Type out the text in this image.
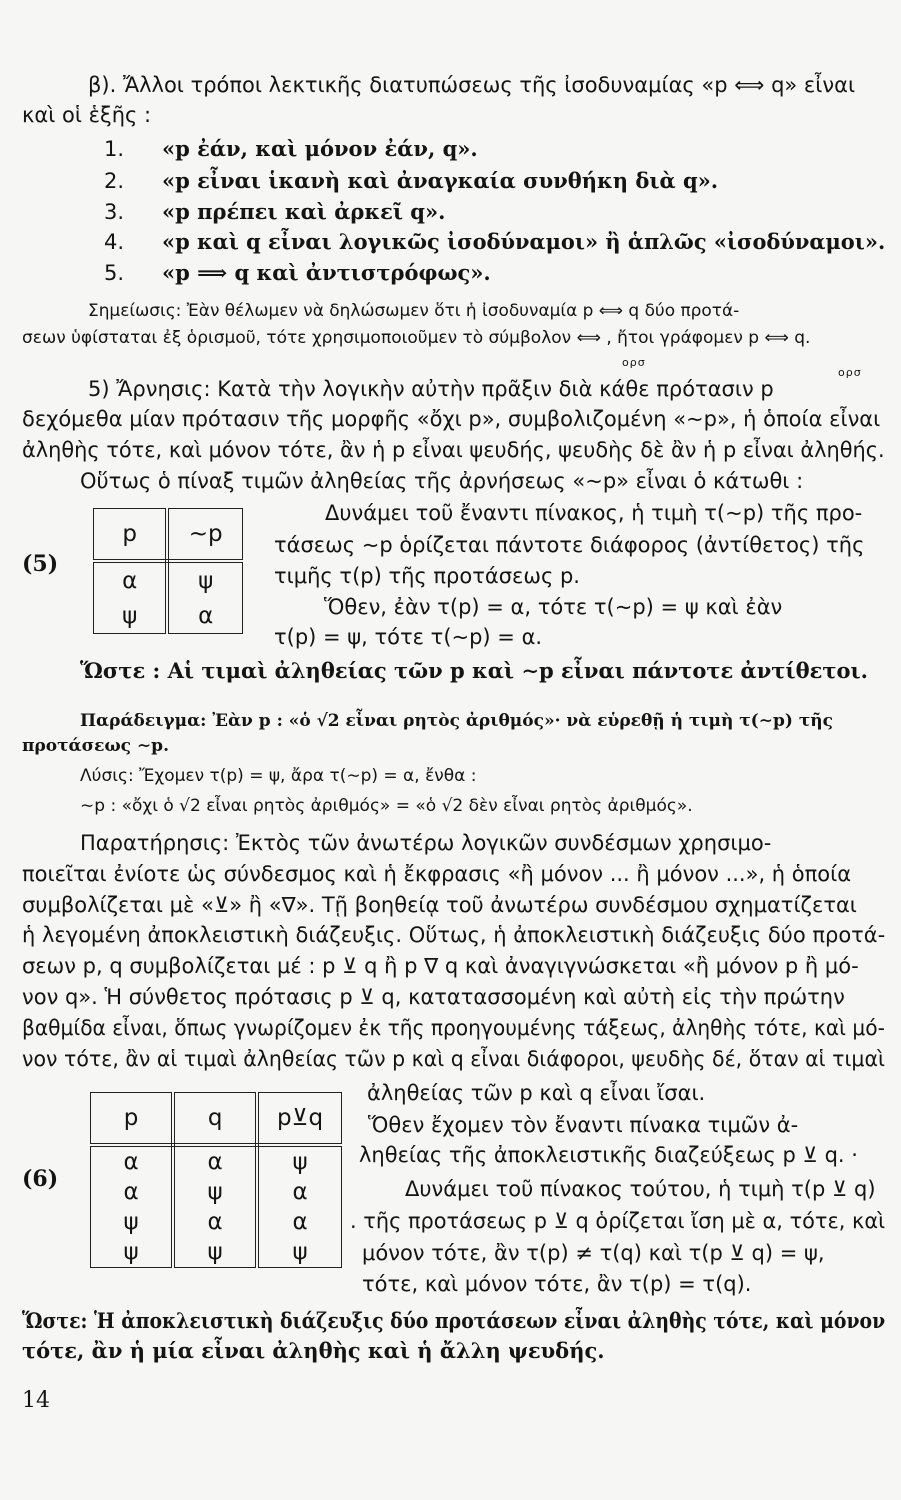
β). Ἄλλοι τρόποι λεκτικῆς διατυπώσεως τῆς ἰσοδυναμίας «p ⟺ q» εἶναι
καὶ οἱ ἑξῆς :
1. «p ἐάν, καὶ μόνον ἐάν, q».
2. «p εἶναι ἱκανὴ καὶ ἀναγκαία συνθήκη διὰ q».
3. «p πρέπει καὶ ἀρκεῖ q».
4. «p καὶ q εἶναι λογικῶς ἰσοδύναμοι» ἢ ἁπλῶς «ἰσοδύναμοι».
5. «p ⟹ q καὶ ἀντιστρόφως».
Σημείωσις: Ἐὰν θέλωμεν νὰ δηλώσωμεν ὅτι ἡ ἰσοδυναμία p ⟺ q δύο προτά-
σεων ὑφίσταται ἐξ ὁρισμοῦ, τότε χρησιμοποιοῦμεν τὸ σύμβολον ⟺ , ἤτοι γράφομεν p ⟺ q.
ορσ
ορσ
5) Ἄρνησις: Κατὰ τὴν λογικὴν αὐτὴν πρᾶξιν διὰ κάθε πρότασιν p
δεχόμεθα μίαν πρότασιν τῆς μορφῆς «ὄχι p», συμβολιζομένη «∼p», ἡ ὁποία εἶναι
ἀληθὴς τότε, καὶ μόνον τότε, ἂν ἡ p εἶναι ψευδής, ψευδὴς δὲ ἂν ἡ p εἶναι ἀληθής.
Οὕτως ὁ πίναξ τιμῶν ἀληθείας τῆς ἀρνήσεως «∼p» εἶναι ὁ κάτωθι :
p	∼p
α	ψ
ψ	α
(5)
Δυνάμει τοῦ ἔναντι πίνακος, ἡ τιμὴ τ(∼p) τῆς προ-
τάσεως ∼p ὁρίζεται πάντοτε διάφορος (ἀντίθετος) τῆς
τιμῆς τ(p) τῆς προτάσεως p.
Ὅθεν, ἐὰν τ(p) = α, τότε τ(∼p) = ψ καὶ ἐὰν
τ(p) = ψ, τότε τ(∼p) = α.
Ὥστε : Αἱ τιμαὶ ἀληθείας τῶν p καὶ ∼p εἶναι πάντοτε ἀντίθετοι.
Παράδειγμα: Ἐὰν p : «ὁ √2 εἶναι ρητὸς ἀριθμός»· νὰ εὑρεθῇ ἡ τιμὴ τ(∼p) τῆς
προτάσεως ∼p.
Λύσις: Ἔχομεν τ(p) = ψ, ἄρα τ(∼p) = α, ἔνθα :
∼p : «ὄχι ὁ √2 εἶναι ρητὸς ἀριθμός» = «ὁ √2 δὲν εἶναι ρητὸς ἀριθμός».
Παρατήρησις: Ἐκτὸς τῶν ἀνωτέρω λογικῶν συνδέσμων χρησιμο-
ποιεῖται ἐνίοτε ὡς σύνδεσμος καὶ ἡ ἔκφρασις «ἢ μόνον ... ἢ μόνον ...», ἡ ὁποία
συμβολίζεται μὲ «⊻» ἢ «∇». Τῇ βοηθείᾳ τοῦ ἀνωτέρω συνδέσμου σχηματίζεται
ἡ λεγομένη ἀποκλειστικὴ διάζευξις. Οὕτως, ἡ ἀποκλειστικὴ διάζευξις δύο προτά-
σεων p, q συμβολίζεται μέ : p ⊻ q ἢ p ∇ q καὶ ἀναγιγνώσκεται «ἢ μόνον p ἢ μό-
νον q». Ἡ σύνθετος πρότασις p ⊻ q, κατατασσομένη καὶ αὐτὴ εἰς τὴν πρώτην
βαθμίδα εἶναι, ὅπως γνωρίζομεν ἐκ τῆς προηγουμένης τάξεως, ἀληθὴς τότε, καὶ μό-
νον τότε, ἂν αἱ τιμαὶ ἀληθείας τῶν p καὶ q εἶναι διάφοροι, ψευδὴς δέ, ὅταν αἱ τιμαὶ
p	q	p⊻q
α	α	ψ
α	ψ	α
ψ	α	α
ψ	ψ	ψ
(6)
ἀληθείας τῶν p καὶ q εἶναι ἴσαι.
Ὅθεν ἔχομεν τὸν ἔναντι πίνακα τιμῶν ἀ-
ληθείας τῆς ἀποκλειστικῆς διαζεύξεως p ⊻ q. ·
Δυνάμει τοῦ πίνακος τούτου, ἡ τιμὴ τ(p ⊻ q)
. τῆς προτάσεως p ⊻ q ὁρίζεται ἴση μὲ α, τότε, καὶ
μόνον τότε, ἂν τ(p) ≠ τ(q) καὶ τ(p ⊻ q) = ψ,
τότε, καὶ μόνον τότε, ἂν τ(p) = τ(q).
Ὥστε: Ἡ ἀποκλειστικὴ διάζευξις δύο προτάσεων εἶναι ἀληθὴς τότε, καὶ μόνον
τότε, ἂν ἡ μία εἶναι ἀληθὴς καὶ ἡ ἄλλη ψευδής.
14
